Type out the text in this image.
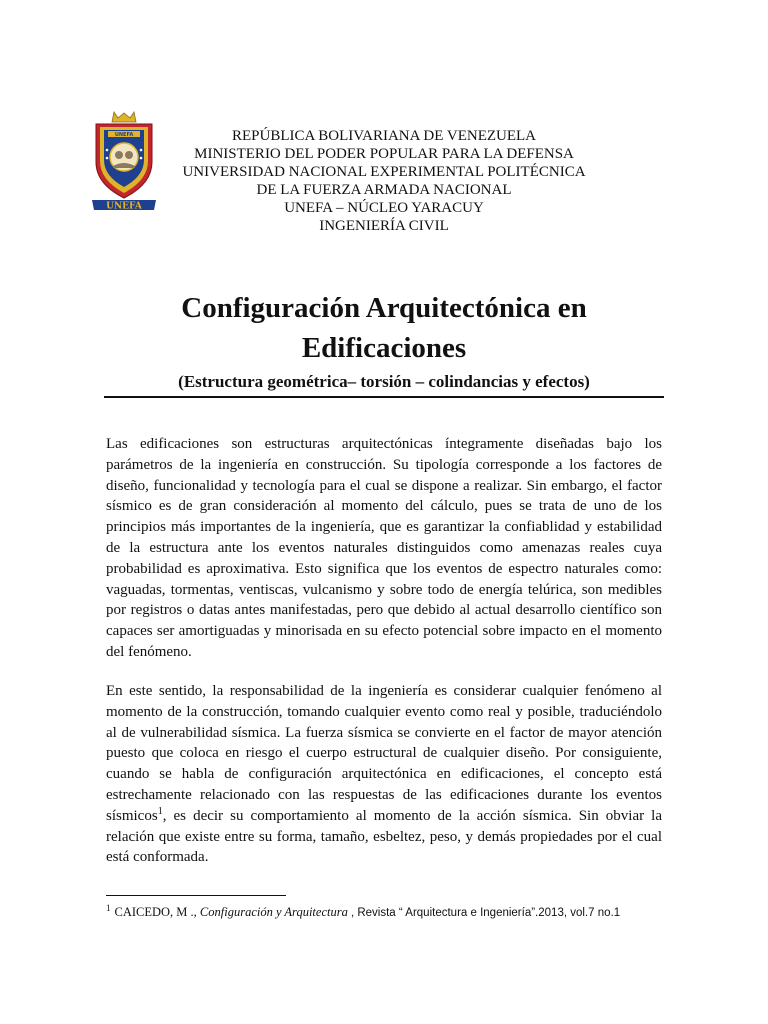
UNEFA
UNEFA
REPÚBLICA BOLIVARIANA DE VENEZUELA
MINISTERIO DEL PODER POPULAR PARA LA DEFENSA
UNIVERSIDAD NACIONAL EXPERIMENTAL POLITÉCNICA
DE LA FUERZA ARMADA NACIONAL
UNEFA – NÚCLEO YARACUY
INGENIERÍA CIVIL
Configuración Arquitectónica en
Edificaciones
(Estructura geométrica– torsión – colindancias y efectos)

Las edificaciones son estructuras arquitectónicas íntegramente diseñadas bajo los parámetros de la ingeniería en construcción. Su tipología corresponde a los factores de diseño, funcionalidad y tecnología para el cual se dispone a realizar. Sin embargo, el factor sísmico es de gran consideración al momento del cálculo, pues se trata de uno de los principios más importantes de la ingeniería, que es garantizar la confiablidad y estabilidad de la estructura ante los eventos naturales distinguidos como amenazas reales cuya probabilidad es aproximativa. Esto significa que los eventos de espectro naturales como: vaguadas, tormentas, ventiscas, vulcanismo y sobre todo de energía telúrica, son medibles por registros o datas antes manifestadas, pero que debido al actual desarrollo científico son capaces ser amortiguadas y minorisada en su efecto potencial sobre impacto en el momento del fenómeno.

En este sentido, la responsabilidad de la ingeniería es considerar cualquier fenómeno al momento de la construcción, tomando cualquier evento como real y posible, traduciéndolo al de vulnerabilidad sísmica. La fuerza sísmica se convierte en el factor de mayor atención puesto que coloca en riesgo el cuerpo estructural de cualquier diseño. Por consiguiente, cuando se habla de configuración arquitectónica en edificaciones, el concepto está estrechamente relacionado con las respuestas de las edificaciones durante los eventos sísmicos$^1$, es decir su comportamiento al momento de la acción sísmica. Sin obviar la relación que existe entre su forma, tamaño, esbeltez, peso, y demás propiedades por el cual está conformada.

$^1$ CAICEDO, M ., Configuración y Arquitectura , Revista “ Arquitectura e Ingeniería”.2013, vol.7 no.1
